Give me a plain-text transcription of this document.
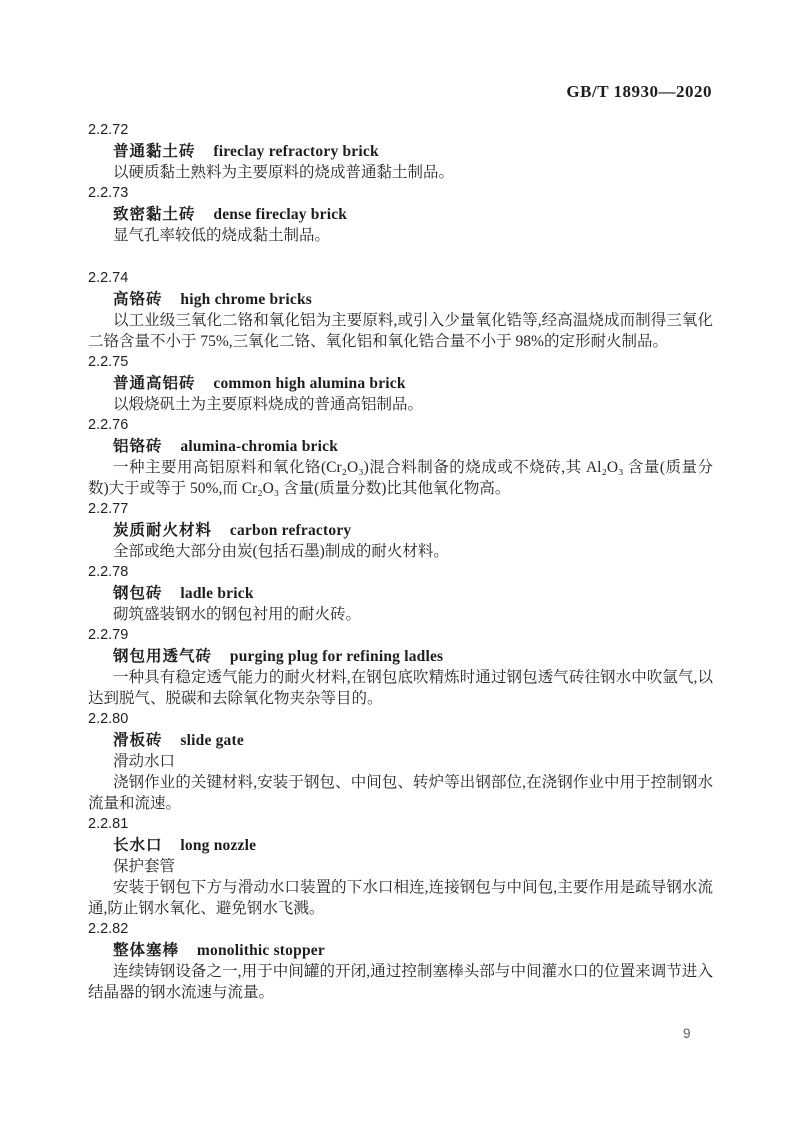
GB/T 18930—2020
2.2.72
普通黏土砖 fireclay refractory brick

以硬质黏土熟料为主要原料的烧成普通黏土制品。

2.2.73
致密黏土砖 dense fireclay brick

显气孔率较低的烧成黏土制品。

2.2.74
高铬砖 high chrome bricks

以工业级三氧化二铬和氧化铝为主要原料,或引入少量氧化锆等,经高温烧成而制得三氧化二铬含量不小于 75%,三氧化二铬、氧化铝和氧化锆合量不小于 98%的定形耐火制品。

2.2.75
普通高铝砖 common high alumina brick

以煅烧矾土为主要原料烧成的普通高铝制品。

2.2.76
铝铬砖 alumina-chromia brick

一种主要用高铝原料和氧化铬(Cr₂O₃)混合料制备的烧成或不烧砖,其 Al₂O₃ 含量(质量分数)大于或等于 50%,而 Cr₂O₃ 含量(质量分数)比其他氧化物高。

2.2.77
炭质耐火材料 carbon refractory

全部或绝大部分由炭(包括石墨)制成的耐火材料。

2.2.78
钢包砖 ladle brick

砌筑盛装钢水的钢包衬用的耐火砖。

2.2.79
钢包用透气砖 purging plug for refining ladles

一种具有稳定透气能力的耐火材料,在钢包底吹精炼时通过钢包透气砖往钢水中吹氩气,以达到脱气、脱碳和去除氧化物夹杂等目的。

2.2.80
滑板砖 slide gate
滑动水口

浇钢作业的关键材料,安装于钢包、中间包、转炉等出钢部位,在浇钢作业中用于控制钢水流量和流速。

2.2.81
长水口 long nozzle
保护套管

安装于钢包下方与滑动水口装置的下水口相连,连接钢包与中间包,主要作用是疏导钢水流通,防止钢水氧化、避免钢水飞溅。

2.2.82
整体塞棒 monolithic stopper

连续铸钢设备之一,用于中间罐的开闭,通过控制塞棒头部与中间灌水口的位置来调节进入结晶器的钢水流速与流量。

9
